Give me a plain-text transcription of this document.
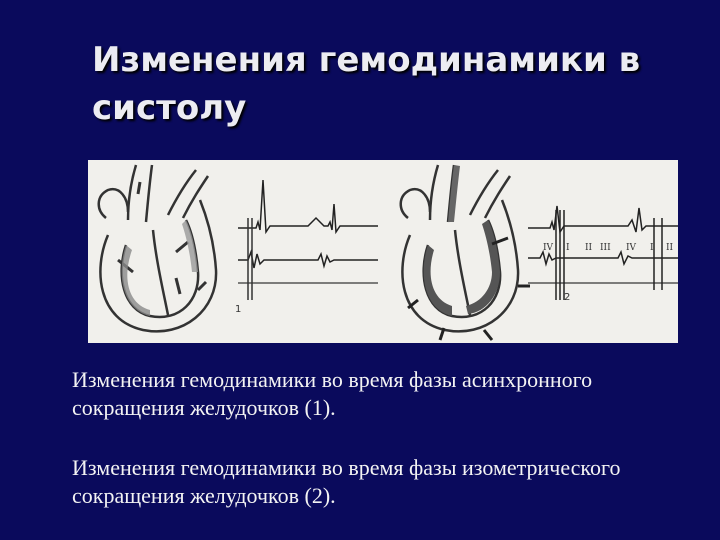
Изменения гемодинамики в систолу
1
2
IV I II III IV I II

Изменения гемодинамики во время фазы асинхронного сокращения желудочков (1).

Изменения гемодинамики во время фазы изометрического сокращения желудочков (2).
